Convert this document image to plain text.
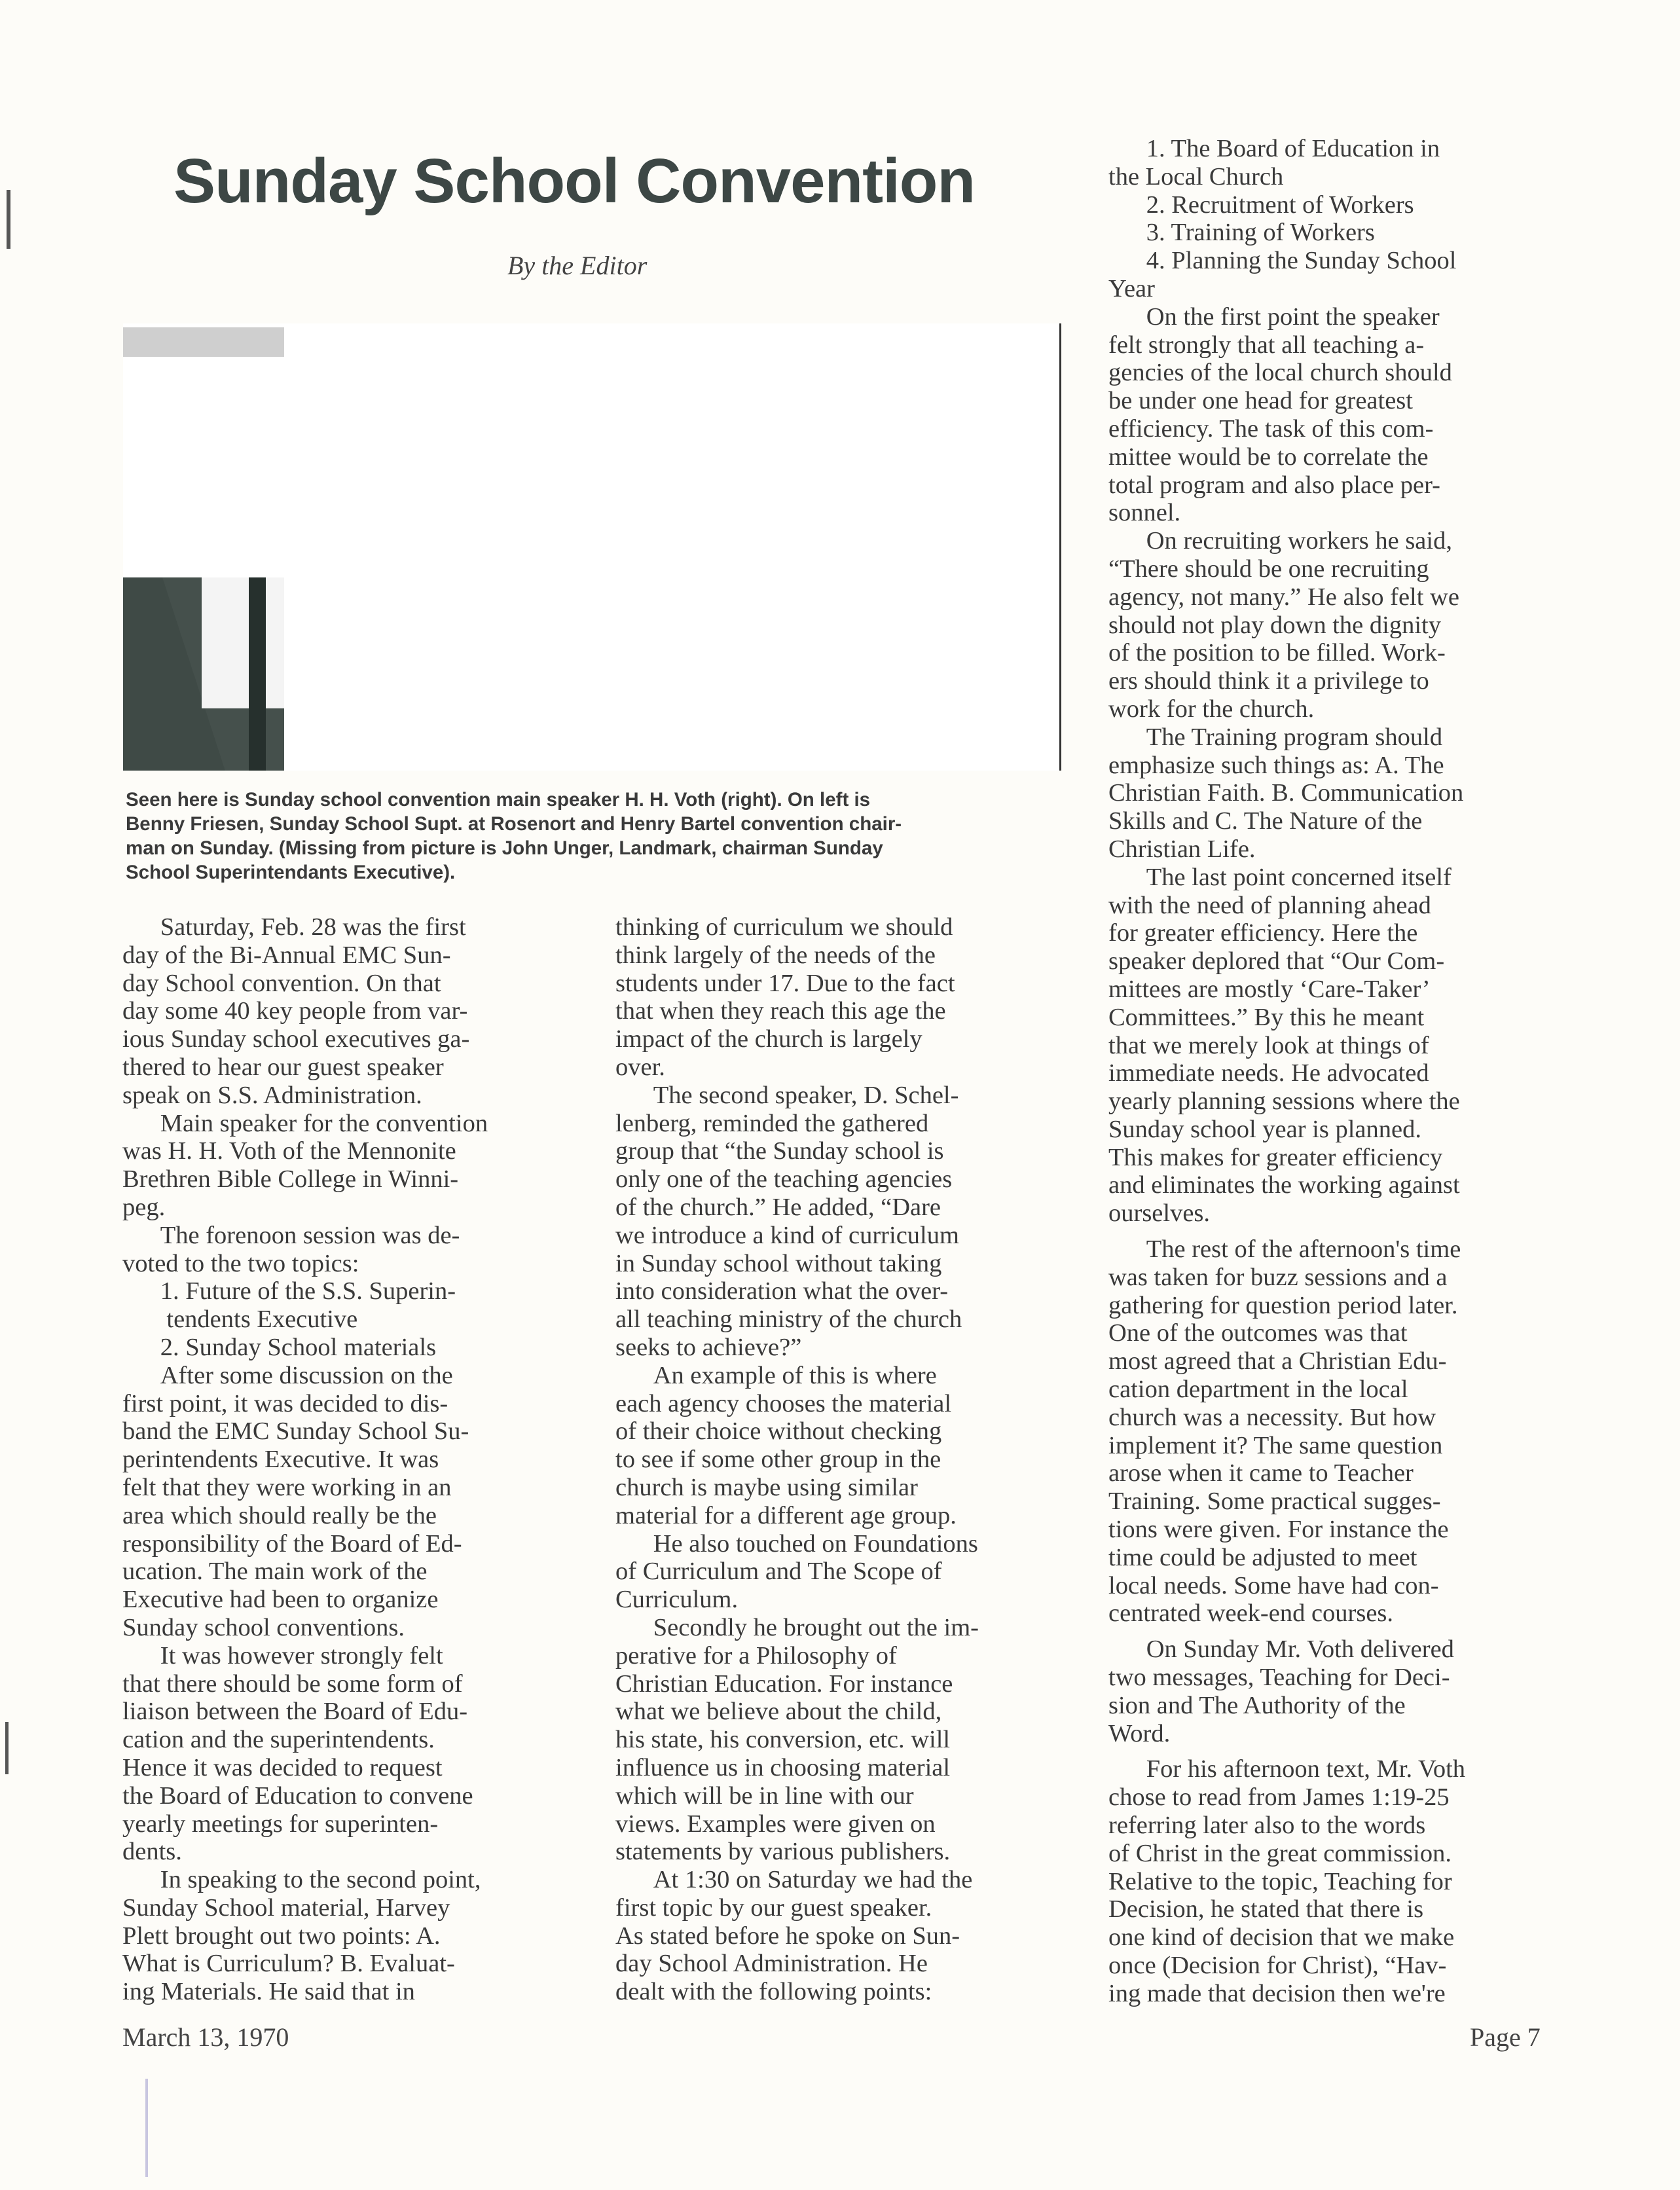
Sunday School Convention
By the Editor
Seen here is Sunday school convention main speaker H. H. Voth (right). On left is
Benny Friesen, Sunday School Supt. at Rosenort and Henry Bartel convention chair-
man on Sunday. (Missing from picture is John Unger, Landmark, chairman Sunday
School Superintendants Executive).
  Saturday, Feb. 28 was the first
day of the Bi-Annual EMC Sun-
day School convention. On that
day some 40 key people from var-
ious Sunday school executives ga-
thered to hear our guest speaker
speak on S.S. Administration.
  Main speaker for the convention
was H. H. Voth of the Mennonite
Brethren Bible College in Winni-
peg.
  The forenoon session was de-
voted to the two topics:
  1. Future of the S.S. Superin-
   tendents Executive
  2. Sunday School materials
  After some discussion on the
first point, it was decided to dis-
band the EMC Sunday School Su-
perintendents Executive. It was
felt that they were working in an
area which should really be the
responsibility of the Board of Ed-
ucation. The main work of the
Executive had been to organize
Sunday school conventions.
  It was however strongly felt
that there should be some form of
liaison between the Board of Edu-
cation and the superintendents.
Hence it was decided to request
the Board of Education to convene
yearly meetings for superinten-
dents.
  In speaking to the second point,
Sunday School material, Harvey
Plett brought out two points: A.
What is Curriculum? B. Evaluat-
ing Materials. He said that in
thinking of curriculum we should
think largely of the needs of the
students under 17. Due to the fact
that when they reach this age the
impact of the church is largely
over.
  The second speaker, D. Schel-
lenberg, reminded the gathered
group that “the Sunday school is
only one of the teaching agencies
of the church.” He added, “Dare
we introduce a kind of curriculum
in Sunday school without taking
into consideration what the over-
all teaching ministry of the church
seeks to achieve?”
  An example of this is where
each agency chooses the material
of their choice without checking
to see if some other group in the
church is maybe using similar
material for a different age group.
  He also touched on Foundations
of Curriculum and The Scope of
Curriculum.
  Secondly he brought out the im-
perative for a Philosophy of
Christian Education. For instance
what we believe about the child,
his state, his conversion, etc. will
influence us in choosing material
which will be in line with our
views. Examples were given on
statements by various publishers.
  At 1:30 on Saturday we had the
first topic by our guest speaker.
As stated before he spoke on Sun-
day School Administration. He
dealt with the following points:
  1. The Board of Education in
the Local Church
  2. Recruitment of Workers
  3. Training of Workers
  4. Planning the Sunday School
Year
  On the first point the speaker
felt strongly that all teaching a-
gencies of the local church should
be under one head for greatest
efficiency. The task of this com-
mittee would be to correlate the
total program and also place per-
sonnel.
  On recruiting workers he said,
“There should be one recruiting
agency, not many.” He also felt we
should not play down the dignity
of the position to be filled. Work-
ers should think it a privilege to
work for the church.
  The Training program should
emphasize such things as: A. The
Christian Faith. B. Communication
Skills and C. The Nature of the
Christian Life.
  The last point concerned itself
with the need of planning ahead
for greater efficiency. Here the
speaker deplored that “Our Com-
mittees are mostly ‘Care-Taker’
Committees.” By this he meant
that we merely look at things of
immediate needs. He advocated
yearly planning sessions where the
Sunday school year is planned.
This makes for greater efficiency
and eliminates the working against
ourselves.
  The rest of the afternoon's time
was taken for buzz sessions and a
gathering for question period later.
One of the outcomes was that
most agreed that a Christian Edu-
cation department in the local
church was a necessity. But how
implement it? The same question
arose when it came to Teacher
Training. Some practical sugges-
tions were given. For instance the
time could be adjusted to meet
local needs. Some have had con-
centrated week-end courses.
  On Sunday Mr. Voth delivered
two messages, Teaching for Deci-
sion and The Authority of the
Word.
  For his afternoon text, Mr. Voth
chose to read from James 1:19-25
referring later also to the words
of Christ in the great commission.
Relative to the topic, Teaching for
Decision, he stated that there is
one kind of decision that we make
once (Decision for Christ), “Hav-
ing made that decision then we're
March 13, 1970	Page 7
